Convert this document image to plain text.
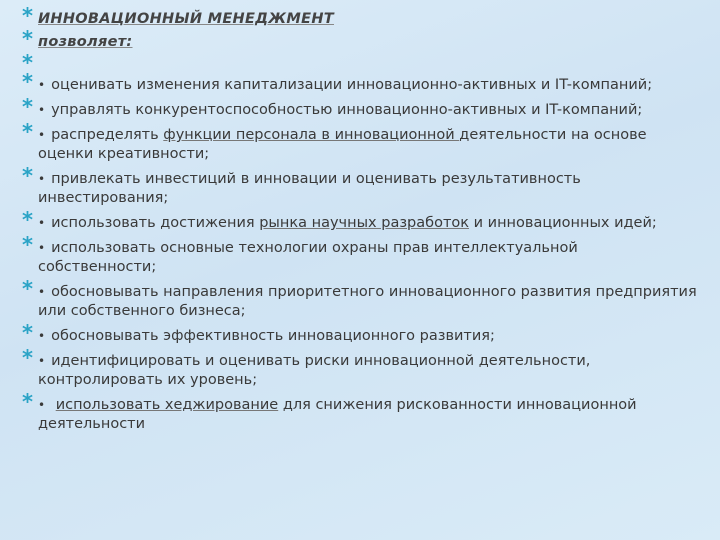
* ИННОВАЦИОННЫЙ МЕНЕДЖМЕНТ
* позволяет:
*
* • оценивать изменения капитализации инновационно-активных и IT-компаний;
* • управлять конкурентоспособностью инновационно-активных и IT-компаний;
* • распределять функции персонала в инновационной деятельности на основе оценки креативности;
* • привлекать инвестиций в инновации и оценивать результативность инвестирования;
* • использовать достижения рынка научных разработок и инновационных идей;
* • использовать основные технологии охраны прав интеллектуальной собственности;
* • обосновывать направления приоритетного инновационного развития предприятия или собственного бизнеса;
* • обосновывать эффективность инновационного развития;
* • идентифицировать и оценивать риски инновационной деятельности, контролировать их уровень;
* • использовать хеджирование для снижения рискованности инновационной деятельности
